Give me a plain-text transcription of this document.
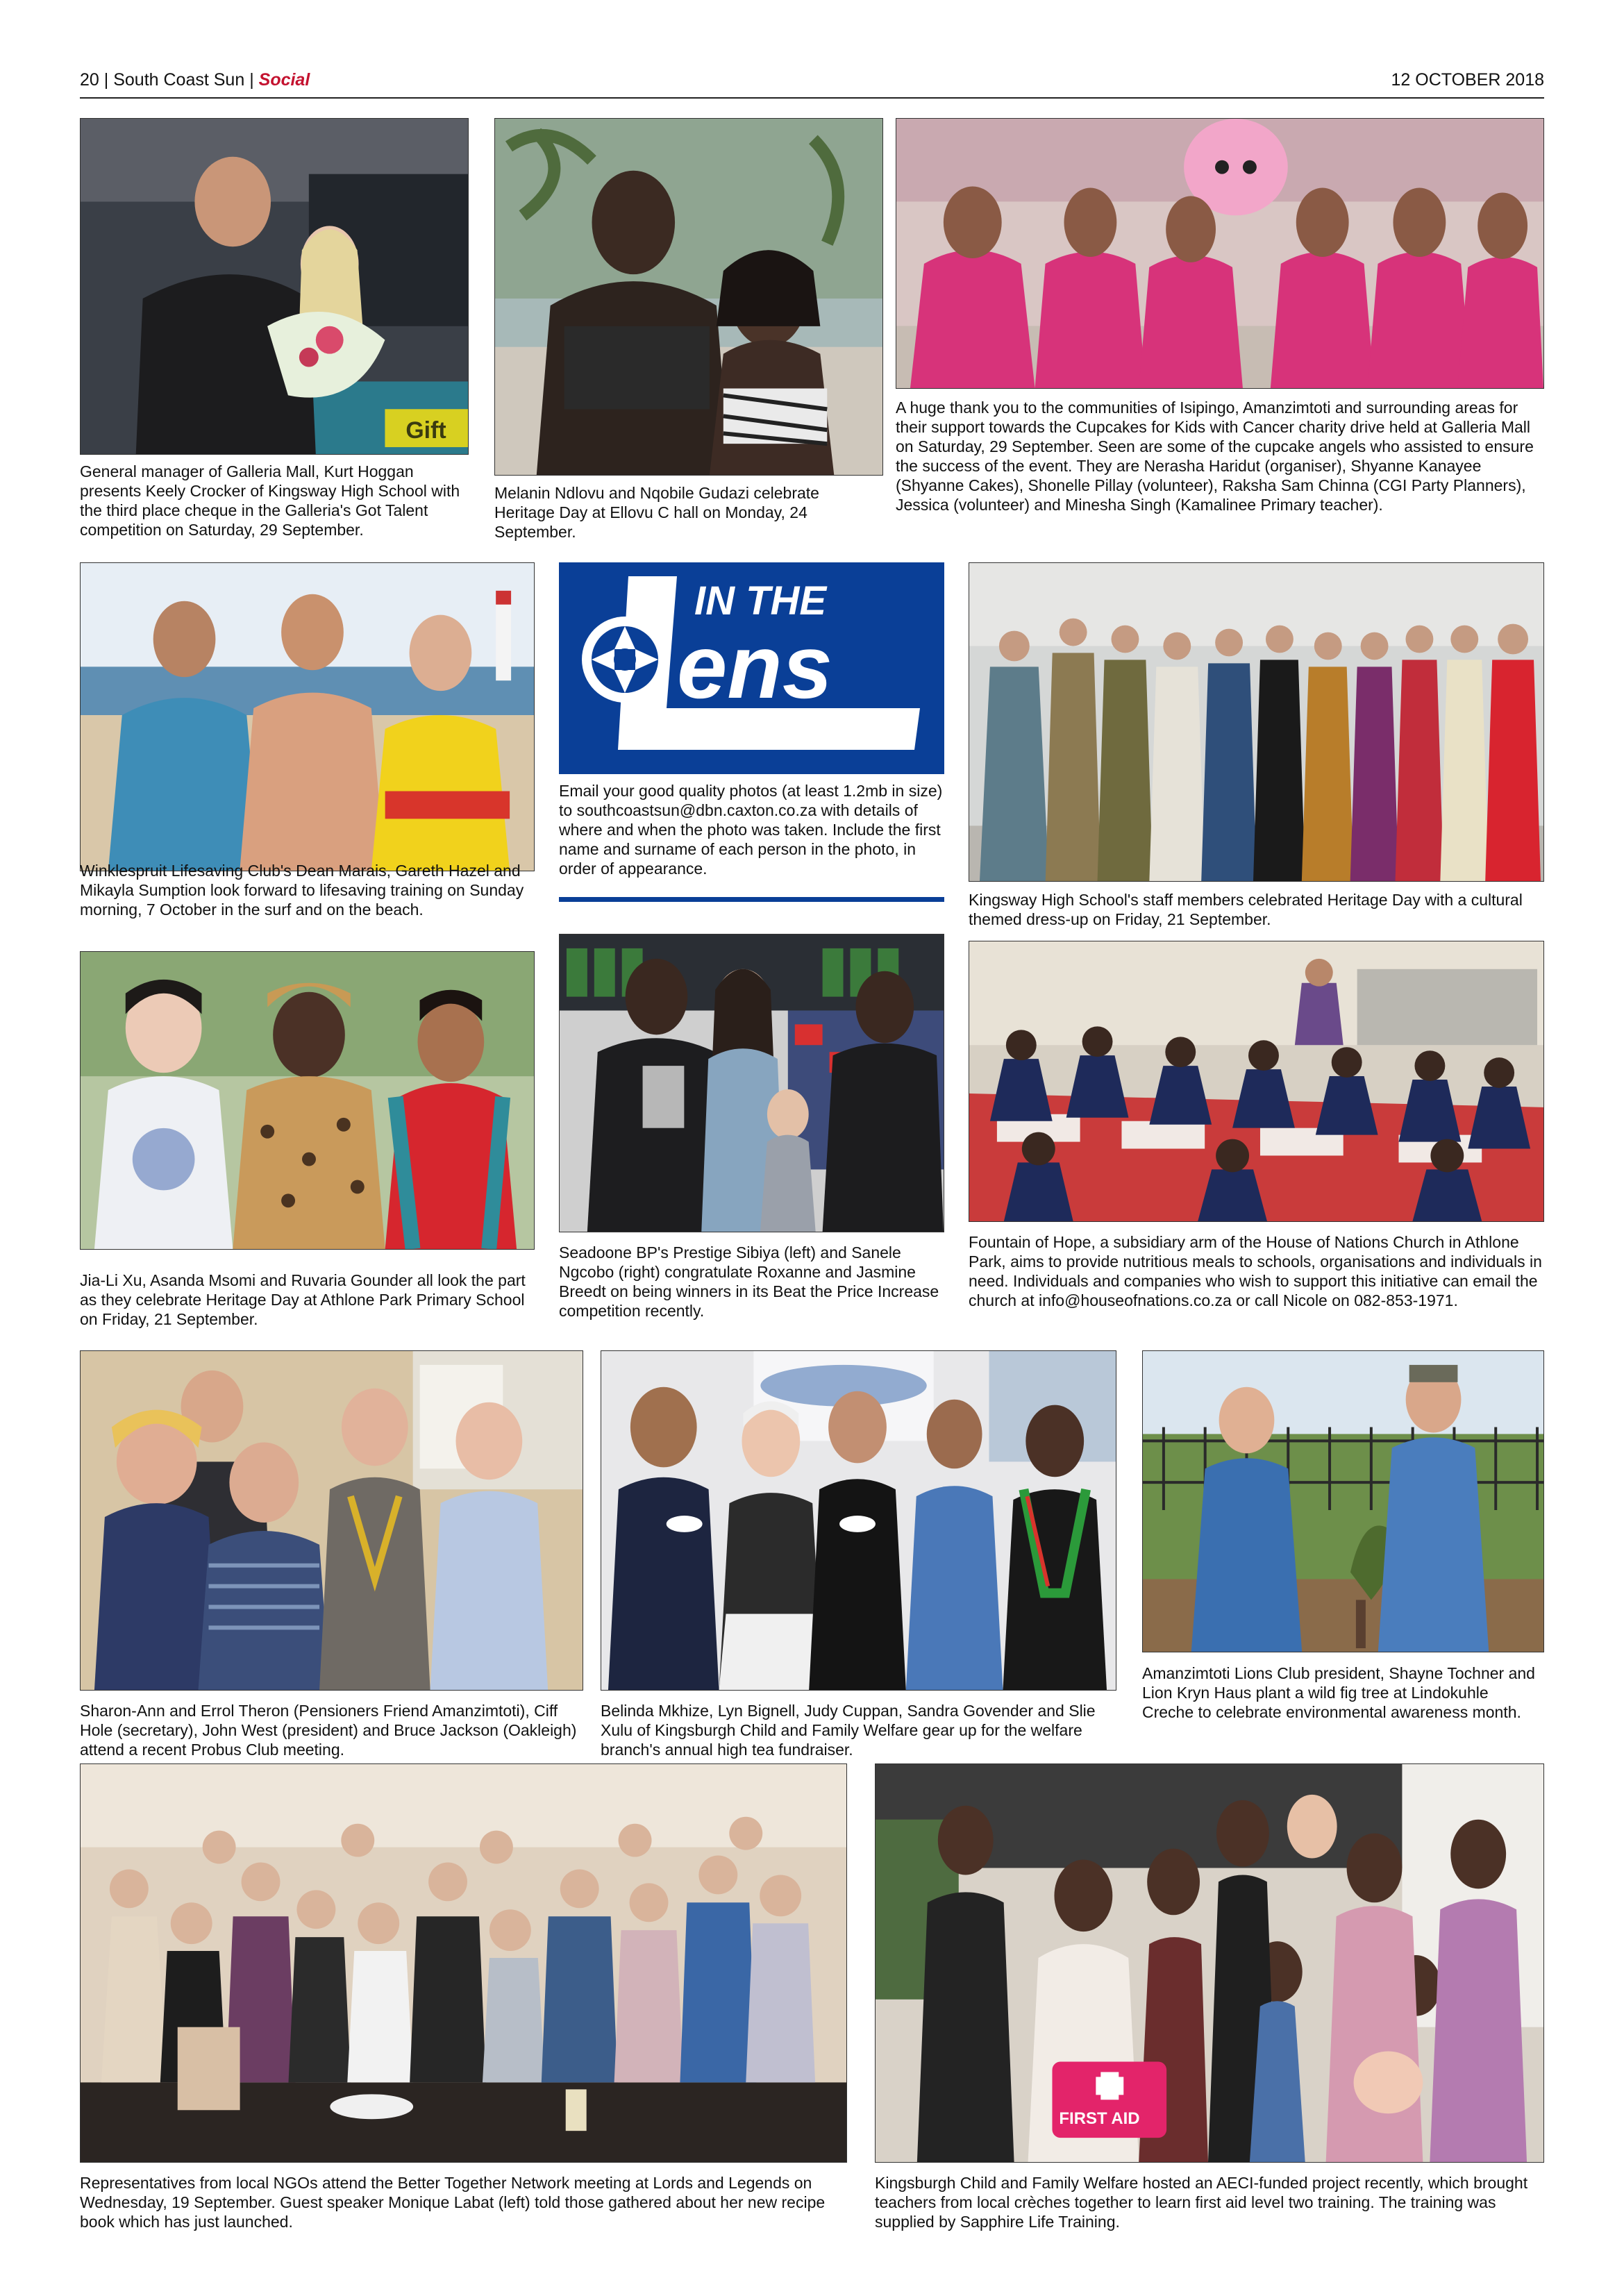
20 | South Coast Sun | Social	12 OCTOBER 2018
Gift

General manager of Galleria Mall, Kurt Hoggan presents Keely Crocker of Kingsway High School with the third place cheque in the Galleria's Got Talent competition on Saturday, 29 September.

Melanin Ndlovu and Nqobile Gudazi celebrate Heritage Day at Ellovu C hall on Monday, 24 September.

A huge thank you to the communities of Isipingo, Amanzimtoti and surrounding areas for their support towards the Cupcakes for Kids with Cancer charity drive held at Galleria Mall on Saturday, 29 September. Seen are some of the cupcake angels who assisted to ensure the success of the event. They are Nerasha Haridut (organiser), Shyanne Kanayee (Shyanne Cakes), Shonelle Pillay (volunteer), Raksha Sam Chinna (CGI Party Planners), Jessica (volunteer) and Minesha Singh (Kamalinee Primary teacher).

Winklespruit Lifesaving Club's Dean Marais, Gareth Hazel and Mikayla Sumption look forward to lifesaving training on Sunday morning, 7 October in the surf and on the beach.

IN THE
ens

Email your good quality photos (at least 1.2mb in size) to southcoastsun@dbn.caxton.co.za with details of where and when the photo was taken. Include the first name and surname of each person in the photo, in order of appearance.

Kingsway High School's staff members celebrated Heritage Day with a cultural themed dress-up on Friday, 21 September.

Jia-Li Xu, Asanda Msomi and Ruvaria Gounder all look the part as they celebrate Heritage Day at Athlone Park Primary School on Friday, 21 September.

Seadoone BP's Prestige Sibiya (left) and Sanele Ngcobo (right) congratulate Roxanne and Jasmine Breedt on being winners in its Beat the Price Increase competition recently.

Fountain of Hope, a subsidiary arm of the House of Nations Church in Athlone Park, aims to provide nutritious meals to schools, organisations and individuals in need. Individuals and companies who wish to support this initiative can email the church at info@houseofnations.co.za or call Nicole on 082-853-1971.

Sharon-Ann and Errol Theron (Pensioners Friend Amanzimtoti), Ciff Hole (secretary), John West (president) and Bruce Jackson (Oakleigh) attend a recent Probus Club meeting.

Belinda Mkhize, Lyn Bignell, Judy Cuppan, Sandra Govender and Slie Xulu of Kingsburgh Child and Family Welfare gear up for the welfare branch's annual high tea fundraiser.

Amanzimtoti Lions Club president, Shayne Tochner and Lion Kryn Haus plant a wild fig tree at Lindokuhle Creche to celebrate environmental awareness month.

Representatives from local NGOs attend the Better Together Network meeting at Lords and Legends on Wednesday, 19 September. Guest speaker Monique Labat (left) told those gathered about her new recipe book which has just launched.

FIRST AID

Kingsburgh Child and Family Welfare hosted an AECI-funded project recently, which brought teachers from local crèches together to learn first aid level two training. The training was supplied by Sapphire Life Training.
